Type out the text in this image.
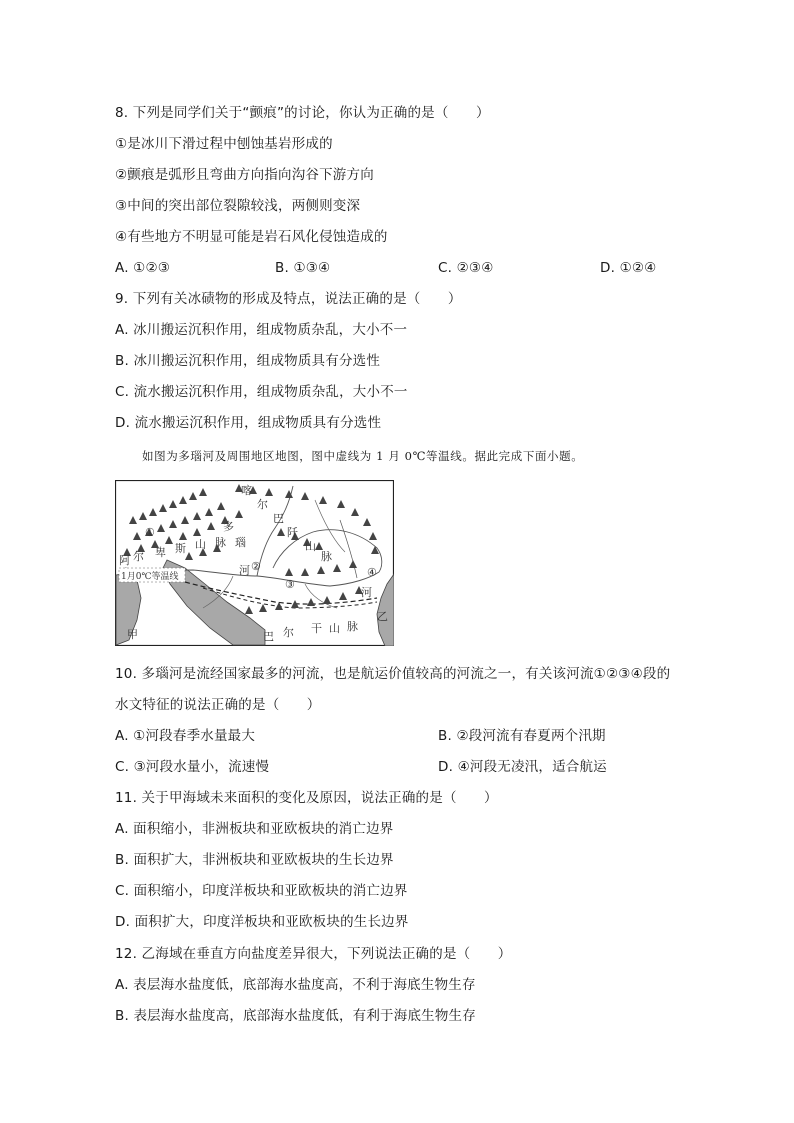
8. 下列是同学们关于“颤痕”的讨论，你认为正确的是（　　）
①是冰川下滑过程中刨蚀基岩形成的
②颤痕是弧形且弯曲方向指向沟谷下游方向
③中间的突出部位裂隙较浅，两侧则变深
④有些地方不明显可能是岩石风化侵蚀造成的
A. ①②③	B. ①③④	C. ②③④	D. ①②④
9. 下列有关冰碛物的形成及特点，说法正确的是（　　）
A. 冰川搬运沉积作用，组成物质杂乱，大小不一
B. 冰川搬运沉积作用，组成物质具有分选性
C. 流水搬运沉积作用，组成物质杂乱，大小不一
D. 流水搬运沉积作用，组成物质具有分选性
如图为多瑙河及周围地区地图，图中虚线为 1 月 0℃等温线。据此完成下面小题。
喀
尔
巴
阡
山
脉
多
瑙
河
阿 尔 卑 斯 山 脉
1月0℃等温线
①
②
③
④
河
巴 尔 干 山 脉
甲
乙
10. 多瑙河是流经国家最多的河流，也是航运价值较高的河流之一，有关该河流①②③④段的
水文特征的说法正确的是（　　）
A. ①河段春季水量最大	B. ②段河流有春夏两个汛期
C. ③河段水量小，流速慢	D. ④河段无凌汛，适合航运
11. 关于甲海域未来面积的变化及原因，说法正确的是（　　）
A. 面积缩小，非洲板块和亚欧板块的消亡边界
B. 面积扩大，非洲板块和亚欧板块的生长边界
C. 面积缩小，印度洋板块和亚欧板块的消亡边界
D. 面积扩大，印度洋板块和亚欧板块的生长边界
12. 乙海域在垂直方向盐度差异很大，下列说法正确的是（　　）
A. 表层海水盐度低，底部海水盐度高，不利于海底生物生存
B. 表层海水盐度高，底部海水盐度低，有利于海底生物生存
